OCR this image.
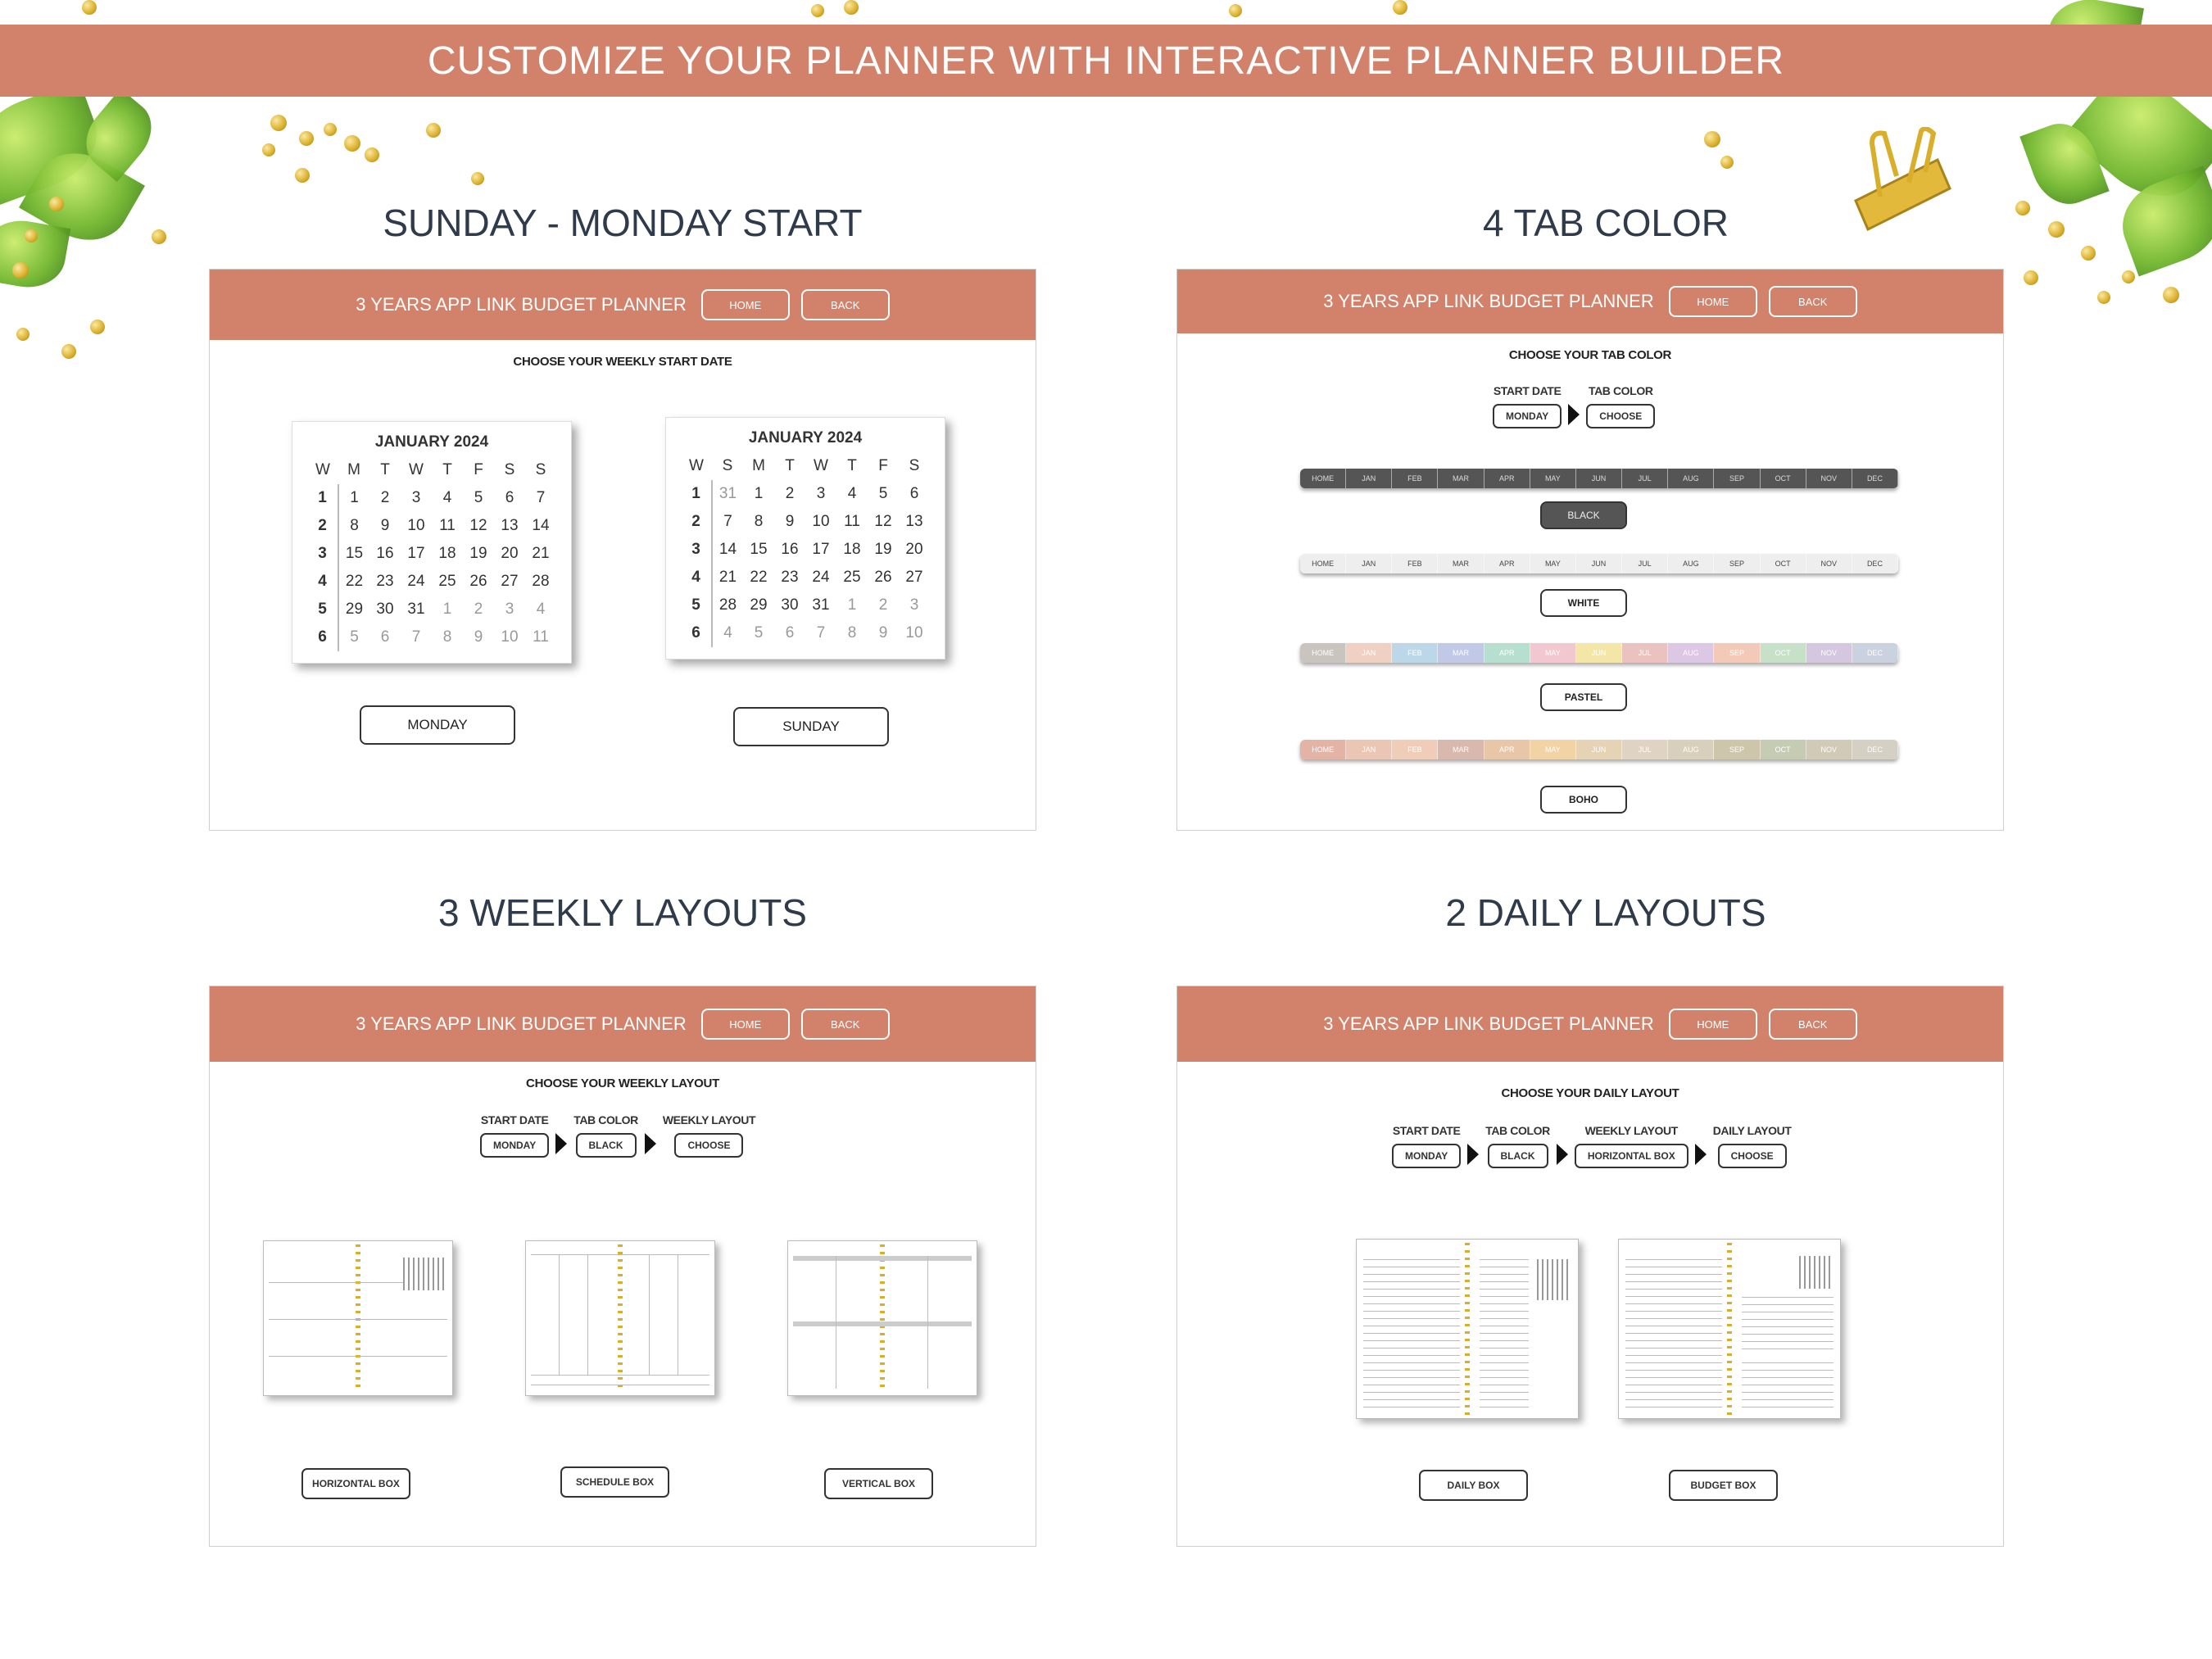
CUSTOMIZE YOUR PLANNER WITH INTERACTIVE PLANNER BUILDER
SUNDAY - MONDAY START	4 TAB COLOR
3 WEEKLY LAYOUTS	2 DAILY LAYOUTS
3 YEARS APP LINK BUDGET PLANNER	HOME	BACK
CHOOSE YOUR WEEKLY START DATE
JANUARY 2024
W	M	T	W	T	F	S	S
1	1	2	3	4	5	6	7
2	8	9	10	11	12	13	14
3	15	16	17	18	19	20	21
4	22	23	24	25	26	27	28
5	29	30	31	1	2	3	4
6	5	6	7	8	9	10	11
JANUARY 2024
W	S	M	T	W	T	F	S
1	31	1	2	3	4	5	6
2	7	8	9	10	11	12	13
3	14	15	16	17	18	19	20
4	21	22	23	24	25	26	27
5	28	29	30	31	1	2	3
6	4	5	6	7	8	9	10
MONDAY	SUNDAY
3 YEARS APP LINK BUDGET PLANNER	HOME	BACK
CHOOSE YOUR TAB COLOR
START DATE
MONDAY
TAB COLOR
CHOOSE
HOME	JAN	FEB	MAR	APR	MAY	JUN	JUL	AUG	SEP	OCT	NOV	DEC
BLACK
HOME	JAN	FEB	MAR	APR	MAY	JUN	JUL	AUG	SEP	OCT	NOV	DEC
WHITE
HOME	JAN	FEB	MAR	APR	MAY	JUN	JUL	AUG	SEP	OCT	NOV	DEC
PASTEL
HOME	JAN	FEB	MAR	APR	MAY	JUN	JUL	AUG	SEP	OCT	NOV	DEC
BOHO
3 YEARS APP LINK BUDGET PLANNER	HOME	BACK
CHOOSE YOUR WEEKLY LAYOUT
START DATE
MONDAY
TAB COLOR
BLACK
WEEKLY LAYOUT
CHOOSE
HORIZONTAL BOX	SCHEDULE BOX	VERTICAL BOX
3 YEARS APP LINK BUDGET PLANNER	HOME	BACK
CHOOSE YOUR DAILY LAYOUT
START DATE
MONDAY
TAB COLOR
BLACK
WEEKLY LAYOUT
HORIZONTAL BOX
DAILY LAYOUT
CHOOSE
DAILY BOX	BUDGET BOX
